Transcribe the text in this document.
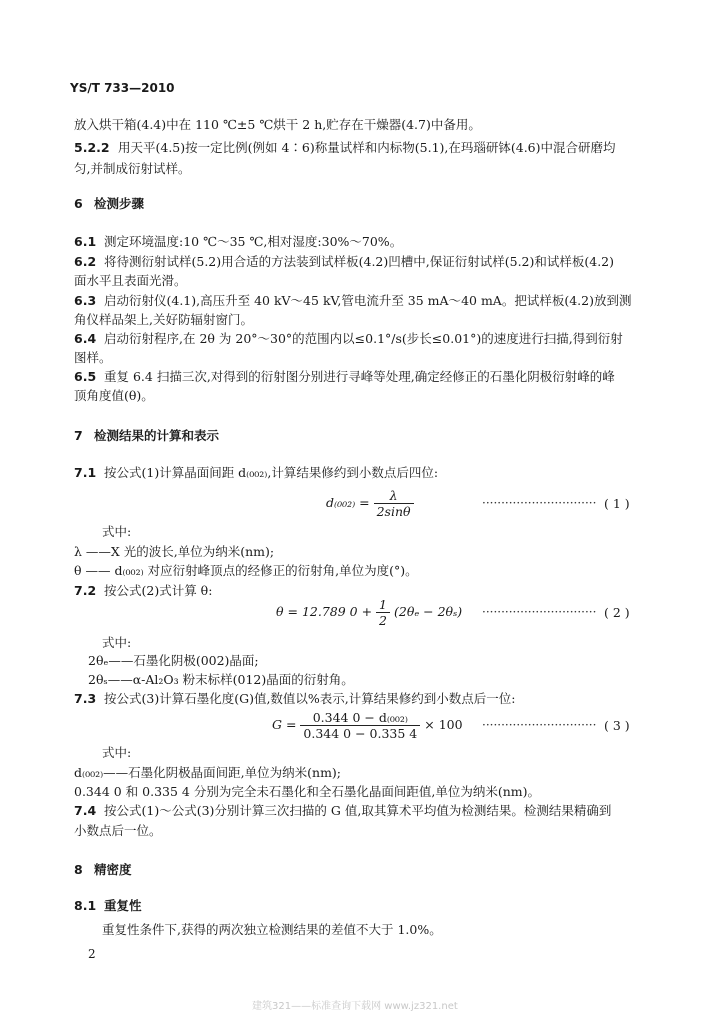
YS/T 733—2010
放入烘干箱(4.4)中在 110 ℃±5 ℃烘干 2 h,贮存在干燥器(4.7)中备用。
5.2.2 用天平(4.5)按一定比例(例如 4∶6)称量试样和内标物(5.1),在玛瑙研钵(4.6)中混合研磨均
匀,并制成衍射试样。
6 检测步骤
6.1 测定环境温度:10 ℃～35 ℃,相对湿度:30%～70%。
6.2 将待测衍射试样(5.2)用合适的方法装到试样板(4.2)凹槽中,保证衍射试样(5.2)和试样板(4.2)
面水平且表面光滑。
6.3 启动衍射仪(4.1),高压升至 40 kV～45 kV,管电流升至 35 mA～40 mA。把试样板(4.2)放到测
角仪样品架上,关好防辐射窗门。
6.4 启动衍射程序,在 2θ 为 20°～30°的范围内以≤0.1°/s(步长≤0.01°)的速度进行扫描,得到衍射
图样。
6.5 重复 6.4 扫描三次,对得到的衍射图分别进行寻峰等处理,确定经修正的石墨化阴极衍射峰的峰
顶角度值(θ)。
7 检测结果的计算和表示
7.1 按公式(1)计算晶面间距 d₍₀₀₂₎,计算结果修约到小数点后四位:
$d_{(002)} = \frac{\lambda}{2\sin\theta}$	······························ ( 1 )
式中:
λ ——X 光的波长,单位为纳米(nm);
θ —— d₍₀₀₂₎ 对应衍射峰顶点的经修正的衍射角,单位为度(°)。
7.2 按公式(2)式计算 θ:
θ = 12.789 $0 + \frac{1}{2} (2\theta_e - 2\theta_s)$ ······························ ( 2 )
式中:
2θₑ——石墨化阴极(002)晶面;
2θₛ——α-Al₂O₃ 粉末标样(012)晶面的衍射角。
7.3 按公式(3)计算石墨化度(G)值,数值以%表示,计算结果修约到小数点后一位:
$G = \frac{\text{0.344 0 − d₍₀₀₂₎}}{0.344 0 - 0.335 4} \times 100$ ······························ ( 3 )
式中:
d₍₀₀₂₎——石墨化阴极晶面间距,单位为纳米(nm);
0.344 0 和 0.335 4 分别为完全未石墨化和全石墨化晶面间距值,单位为纳米(nm)。
7.4 按公式(1)～公式(3)分别计算三次扫描的 G 值,取其算术平均值为检测结果。检测结果精确到
小数点后一位。
8 精密度
8.1 重复性
重复性条件下,获得的两次独立检测结果的差值不大于 1.0%。
2
建筑321——标准查询下载网 www.jz321.net
